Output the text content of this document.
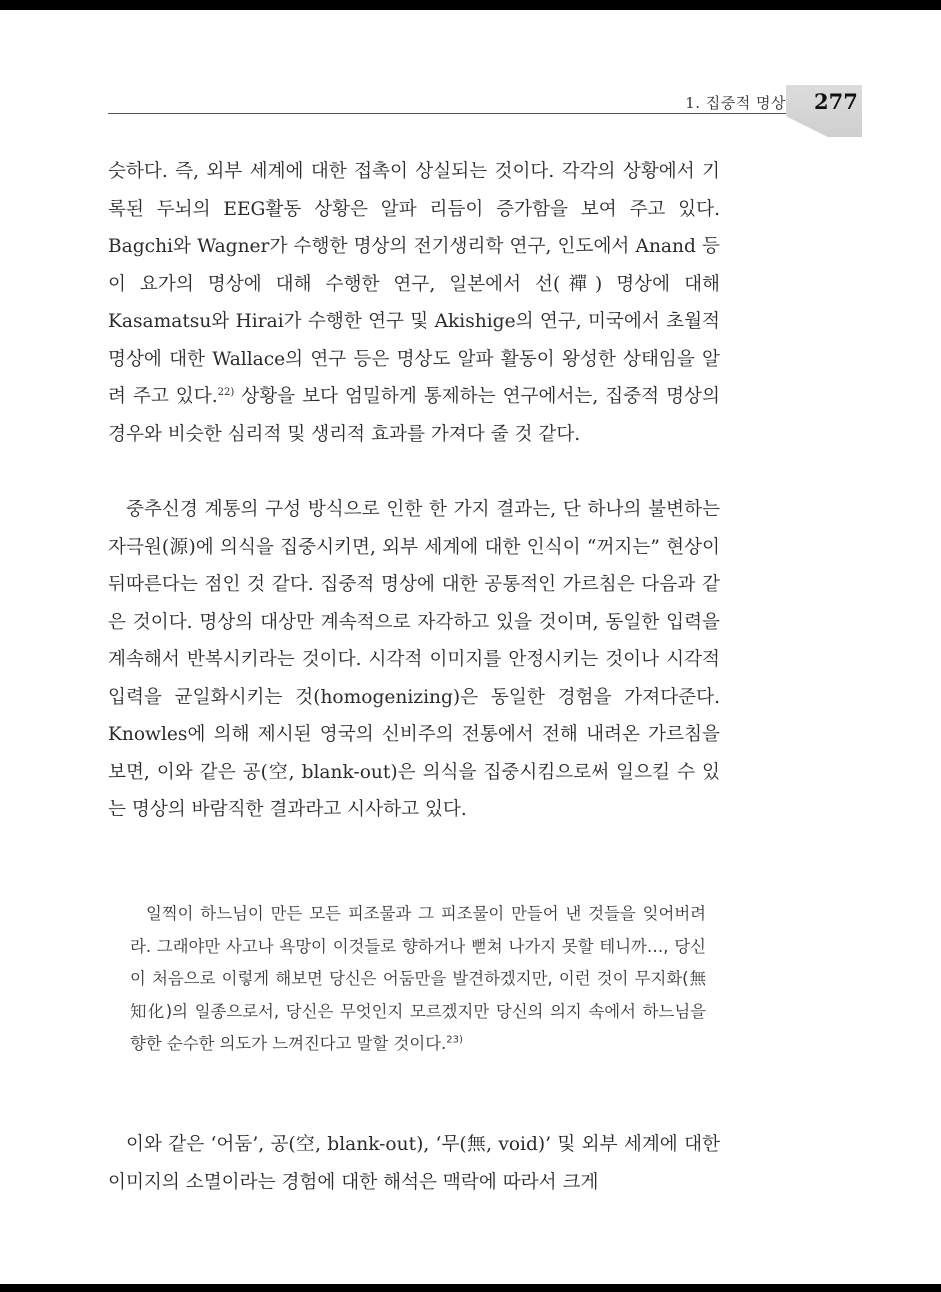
1. 집중적 명상 277

슷하다. 즉, 외부 세계에 대한 접촉이 상실되는 것이다. 각각의 상황에서 기록된 두뇌의 EEG활동 상황은 알파 리듬이 증가함을 보여 주고 있다. Bagchi와 Wagner가 수행한 명상의 전기생리학 연구, 인도에서 Anand 등이 요가의 명상에 대해 수행한 연구, 일본에서 선(禪) 명상에 대해 Kasamatsu와 Hirai가 수행한 연구 및 Akishige의 연구, 미국에서 초월적 명상에 대한 Wallace의 연구 등은 명상도 알파 활동이 왕성한 상태임을 알려 주고 있다.$^{22)}$ 상황을 보다 엄밀하게 통제하는 연구에서는, 집중적 명상의 경우와 비슷한 심리적 및 생리적 효과를 가져다 줄 것 같다.

중추신경 계통의 구성 방식으로 인한 한 가지 결과는, 단 하나의 불변하는 자극원(源)에 의식을 집중시키면, 외부 세계에 대한 인식이 “꺼지는” 현상이 뒤따른다는 점인 것 같다. 집중적 명상에 대한 공통적인 가르침은 다음과 같은 것이다. 명상의 대상만 계속적으로 자각하고 있을 것이며, 동일한 입력을 계속해서 반복시키라는 것이다. 시각적 이미지를 안정시키는 것이나 시각적 입력을 균일화시키는 것(homogenizing)은 동일한 경험을 가져다준다. Knowles에 의해 제시된 영국의 신비주의 전통에서 전해 내려온 가르침을 보면, 이와 같은 공(空, blank-out)은 의식을 집중시킴으로써 일으킬 수 있는 명상의 바람직한 결과라고 시사하고 있다.

일찍이 하느님이 만든 모든 피조물과 그 피조물이 만들어 낸 것들을 잊어버려라. 그래야만 사고나 욕망이 이것들로 향하거나 뻗쳐 나가지 못할 테니까…, 당신이 처음으로 이렇게 해보면 당신은 어둠만을 발견하겠지만, 이런 것이 무지화(無知化)의 일종으로서, 당신은 무엇인지 모르겠지만 당신의 의지 속에서 하느님을 향한 순수한 의도가 느껴진다고 말할 것이다.$^{23)}$

이와 같은 ‘어둠’, 공(空, blank-out), ‘무(無, void)’ 및 외부 세계에 대한 이미지의 소멸이라는 경험에 대한 해석은 맥락에 따라서 크게
